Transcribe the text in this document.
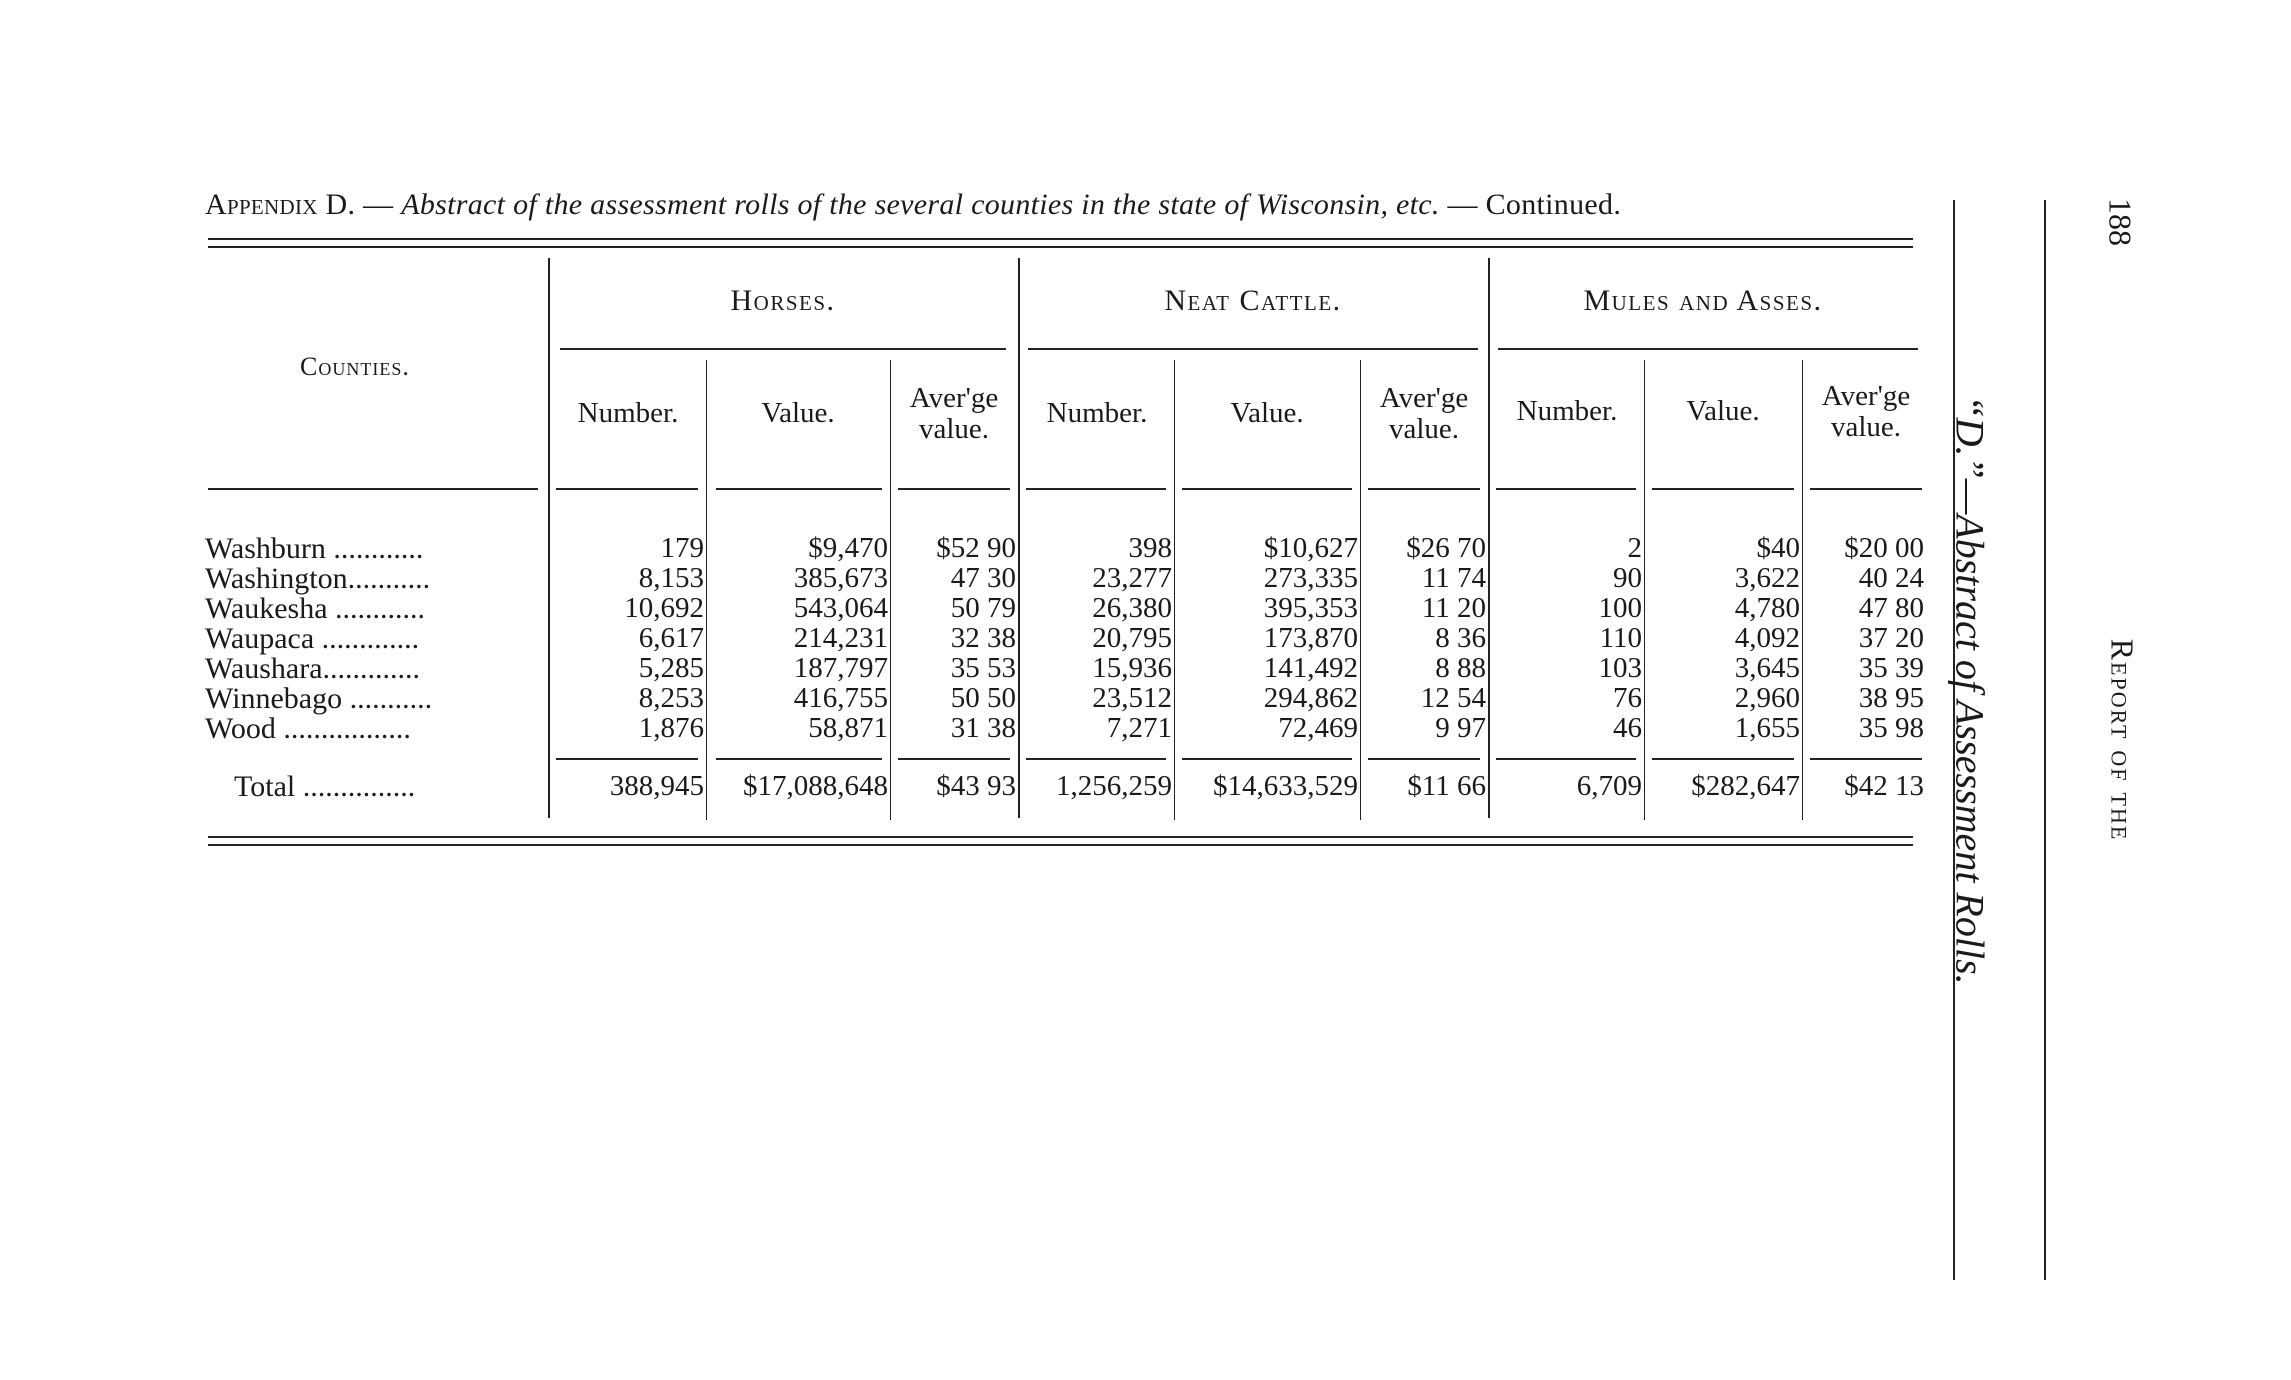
Appendix D. — Abstract of the assessment rolls of the several counties in the state of Wisconsin, etc. — Continued.
Counties.
Horses.	Neat Cattle.	Mules and Asses.
Number.	Value.	Aver'ge value.	Number.	Value.	Aver'ge value.
Number.	Value.	Aver'ge value.
Washburn ............	179	$9,470	$52 90	398	$10,627	$26 70	2	$40	$20 00
Washington...........	8,153	385,673	47 30	23,277	273,335	11 74	90	3,622	40 24
Waukesha ............	10,692	543,064	50 79	26,380	395,353	11 20	100	4,780	47 80
Waupaca .............	6,617	214,231	32 38	20,795	173,870	8 36	110	4,092	37 20
Waushara.............	5,285	187,797	35 53	15,936	141,492	8 88	103	3,645	35 39
Winnebago ...........	8,253	416,755	50 50	23,512	294,862	12 54	76	2,960	38 95
Wood .................	1,876	58,871	31 38	7,271	72,469	9 97	46	1,655	35 98
Total ...............	388,945	$17,088,648	$43 93	1,256,259	$14,633,529	$11 66	6,709	$282,647	$42 13 “D.”—Abstract of Assessment Rolls.	Report of the
188
